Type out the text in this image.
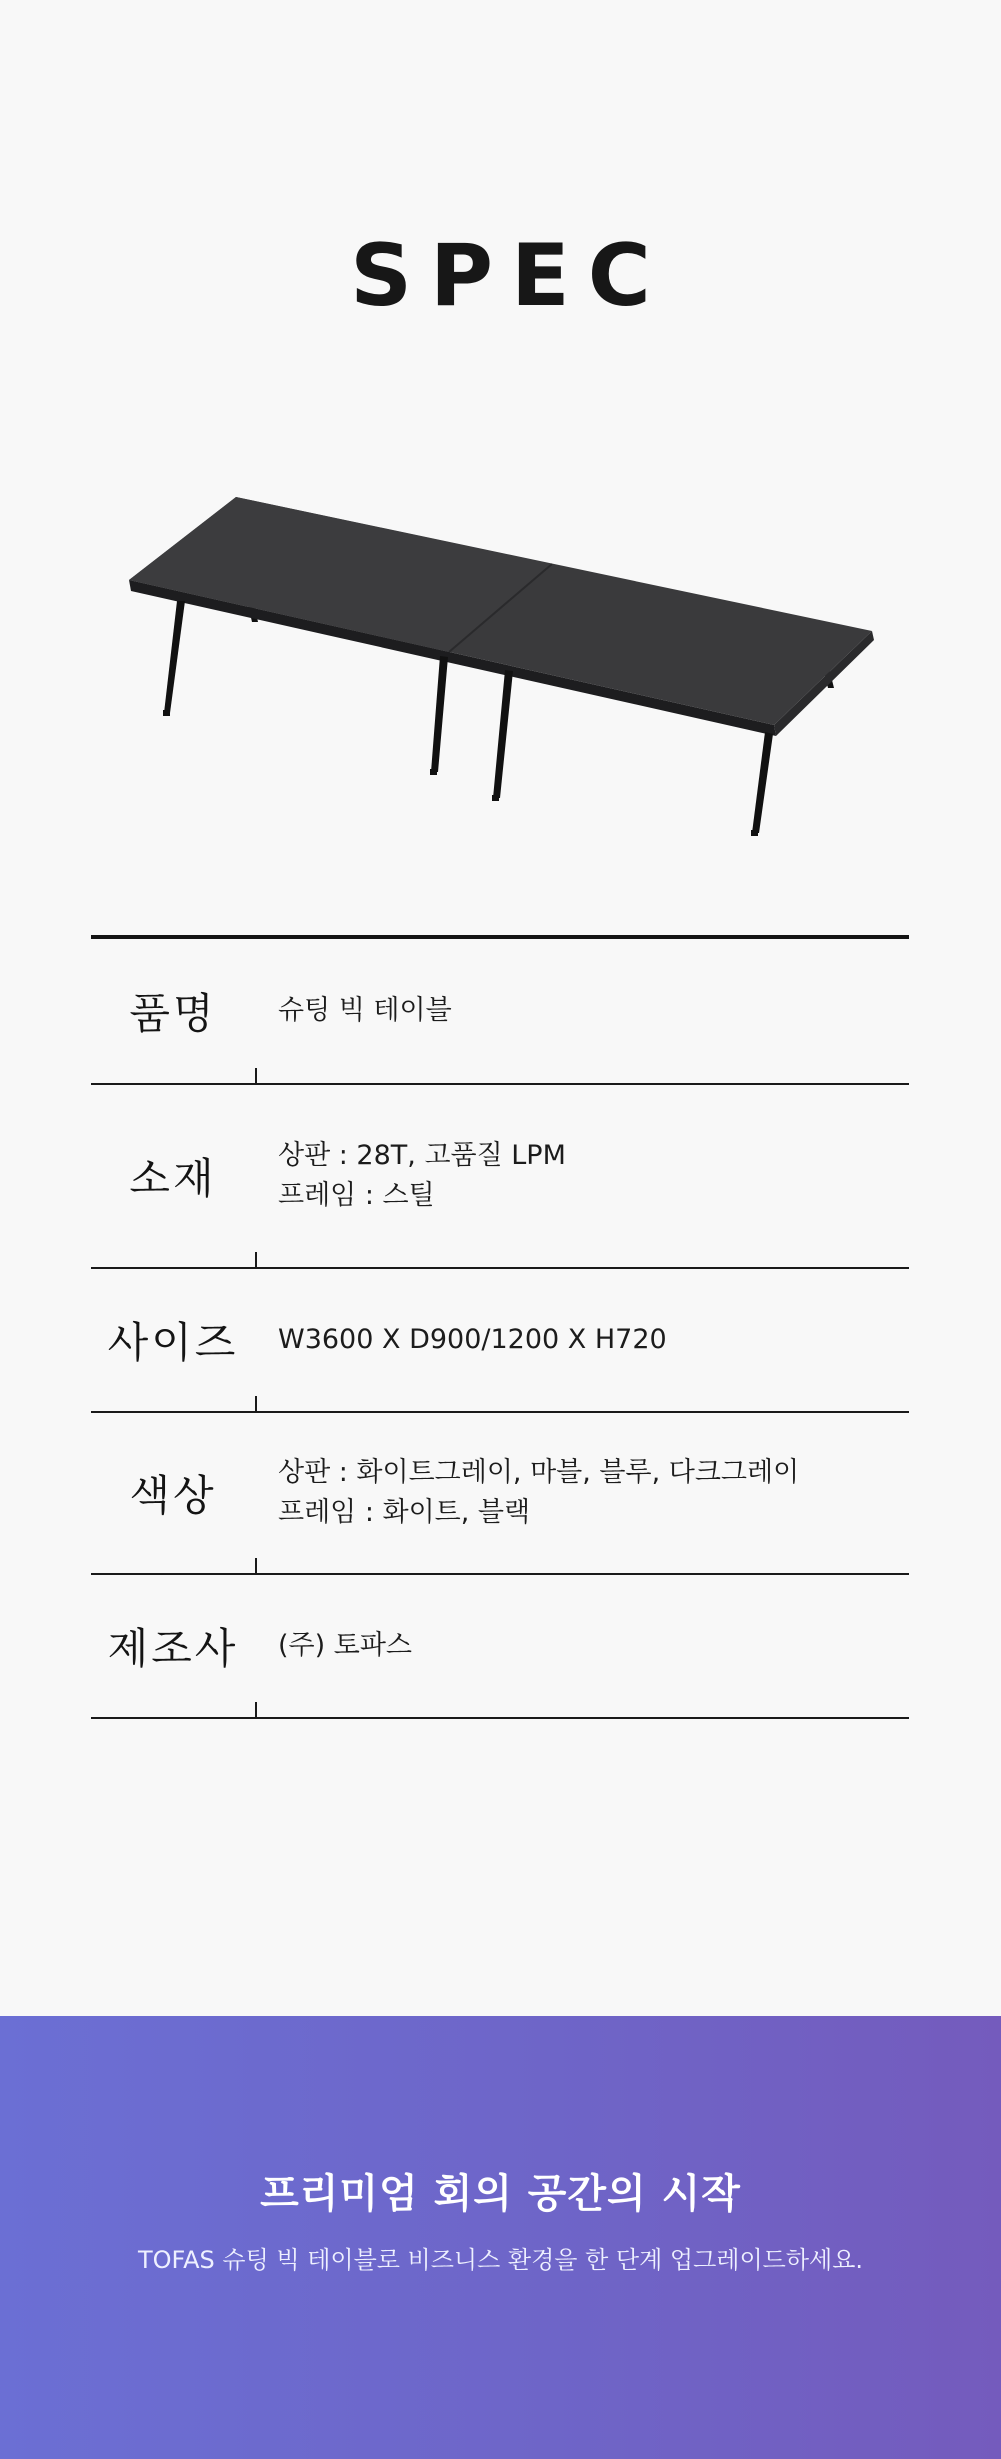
SPEC
품명	슈팅 빅 테이블
소재	상판 : 28T, 고품질 LPM
프레임 : 스틸
사이즈	W3600 X D900/1200 X H720
색상	상판 : 화이트그레이, 마블, 블루, 다크그레이
프레임 : 화이트, 블랙
제조사	(주) 토파스
프리미엄 회의 공간의 시작
TOFAS 슈팅 빅 테이블로 비즈니스 환경을 한 단계 업그레이드하세요.
